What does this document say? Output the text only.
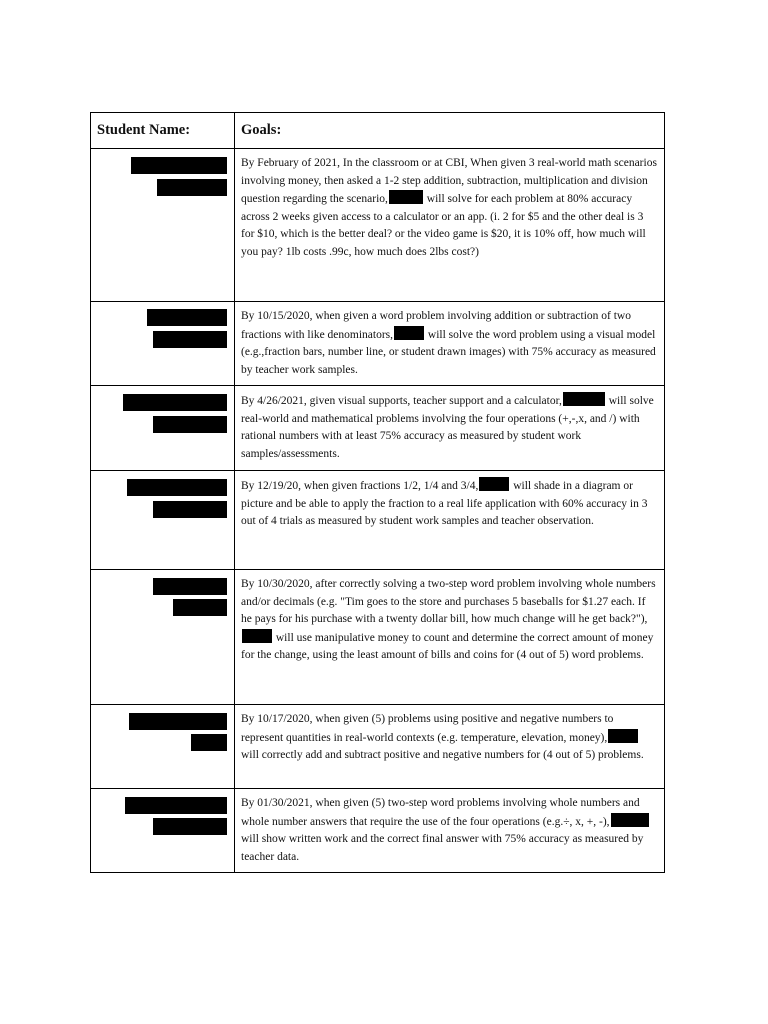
Student Name:	Goals:

	By February of 2021, In the classroom or at CBI, When given 3 real-world math scenarios involving money, then asked a 1-2 step addition, subtraction, multiplication and division question regarding the scenario, will solve for each problem at 80% accuracy across 2 weeks given access to a calculator or an app. (i. 2 for $5 and the other deal is 3 for $10, which is the better deal? or the video game is $20, it is 10% off, how much will you pay? 1lb costs .99c, how much does 2lbs cost?)

	By 10/15/2020, when given a word problem involving addition or subtraction of two fractions with like denominators, will solve the word problem using a visual model (e.g.,fraction bars, number line, or student drawn images) with 75% accuracy as measured by teacher work samples.

	By 4/26/2021, given visual supports, teacher support and a calculator, will solve real-world and mathematical problems involving the four operations (+,-,x, and /) with rational numbers with at least 75% accuracy as measured by student work samples/assessments.

	By 12/19/20, when given fractions 1/2, 1/4 and 3/4, will shade in a diagram or picture and be able to apply the fraction to a real life application with 60% accuracy in 3 out of 4 trials as measured by student work samples and teacher observation.

	By 10/30/2020, after correctly solving a two-step word problem involving whole numbers and/or decimals (e.g. "Tim goes to the store and purchases 5 baseballs for $1.27 each. If he pays for his purchase with a twenty dollar bill, how much change will he get back?"), will use manipulative money to count and determine the correct amount of money for the change, using the least amount of bills and coins for (4 out of 5) word problems.

	By 10/17/2020, when given (5) problems using positive and negative numbers to represent quantities in real-world contexts (e.g. temperature, elevation, money), will correctly add and subtract positive and negative numbers for (4 out of 5) problems.

	By 01/30/2021, when given (5) two-step word problems involving whole numbers and whole number answers that require the use of the four operations (e.g.÷, x, +, -), will show written work and the correct final answer with 75% accuracy as measured by teacher data.
